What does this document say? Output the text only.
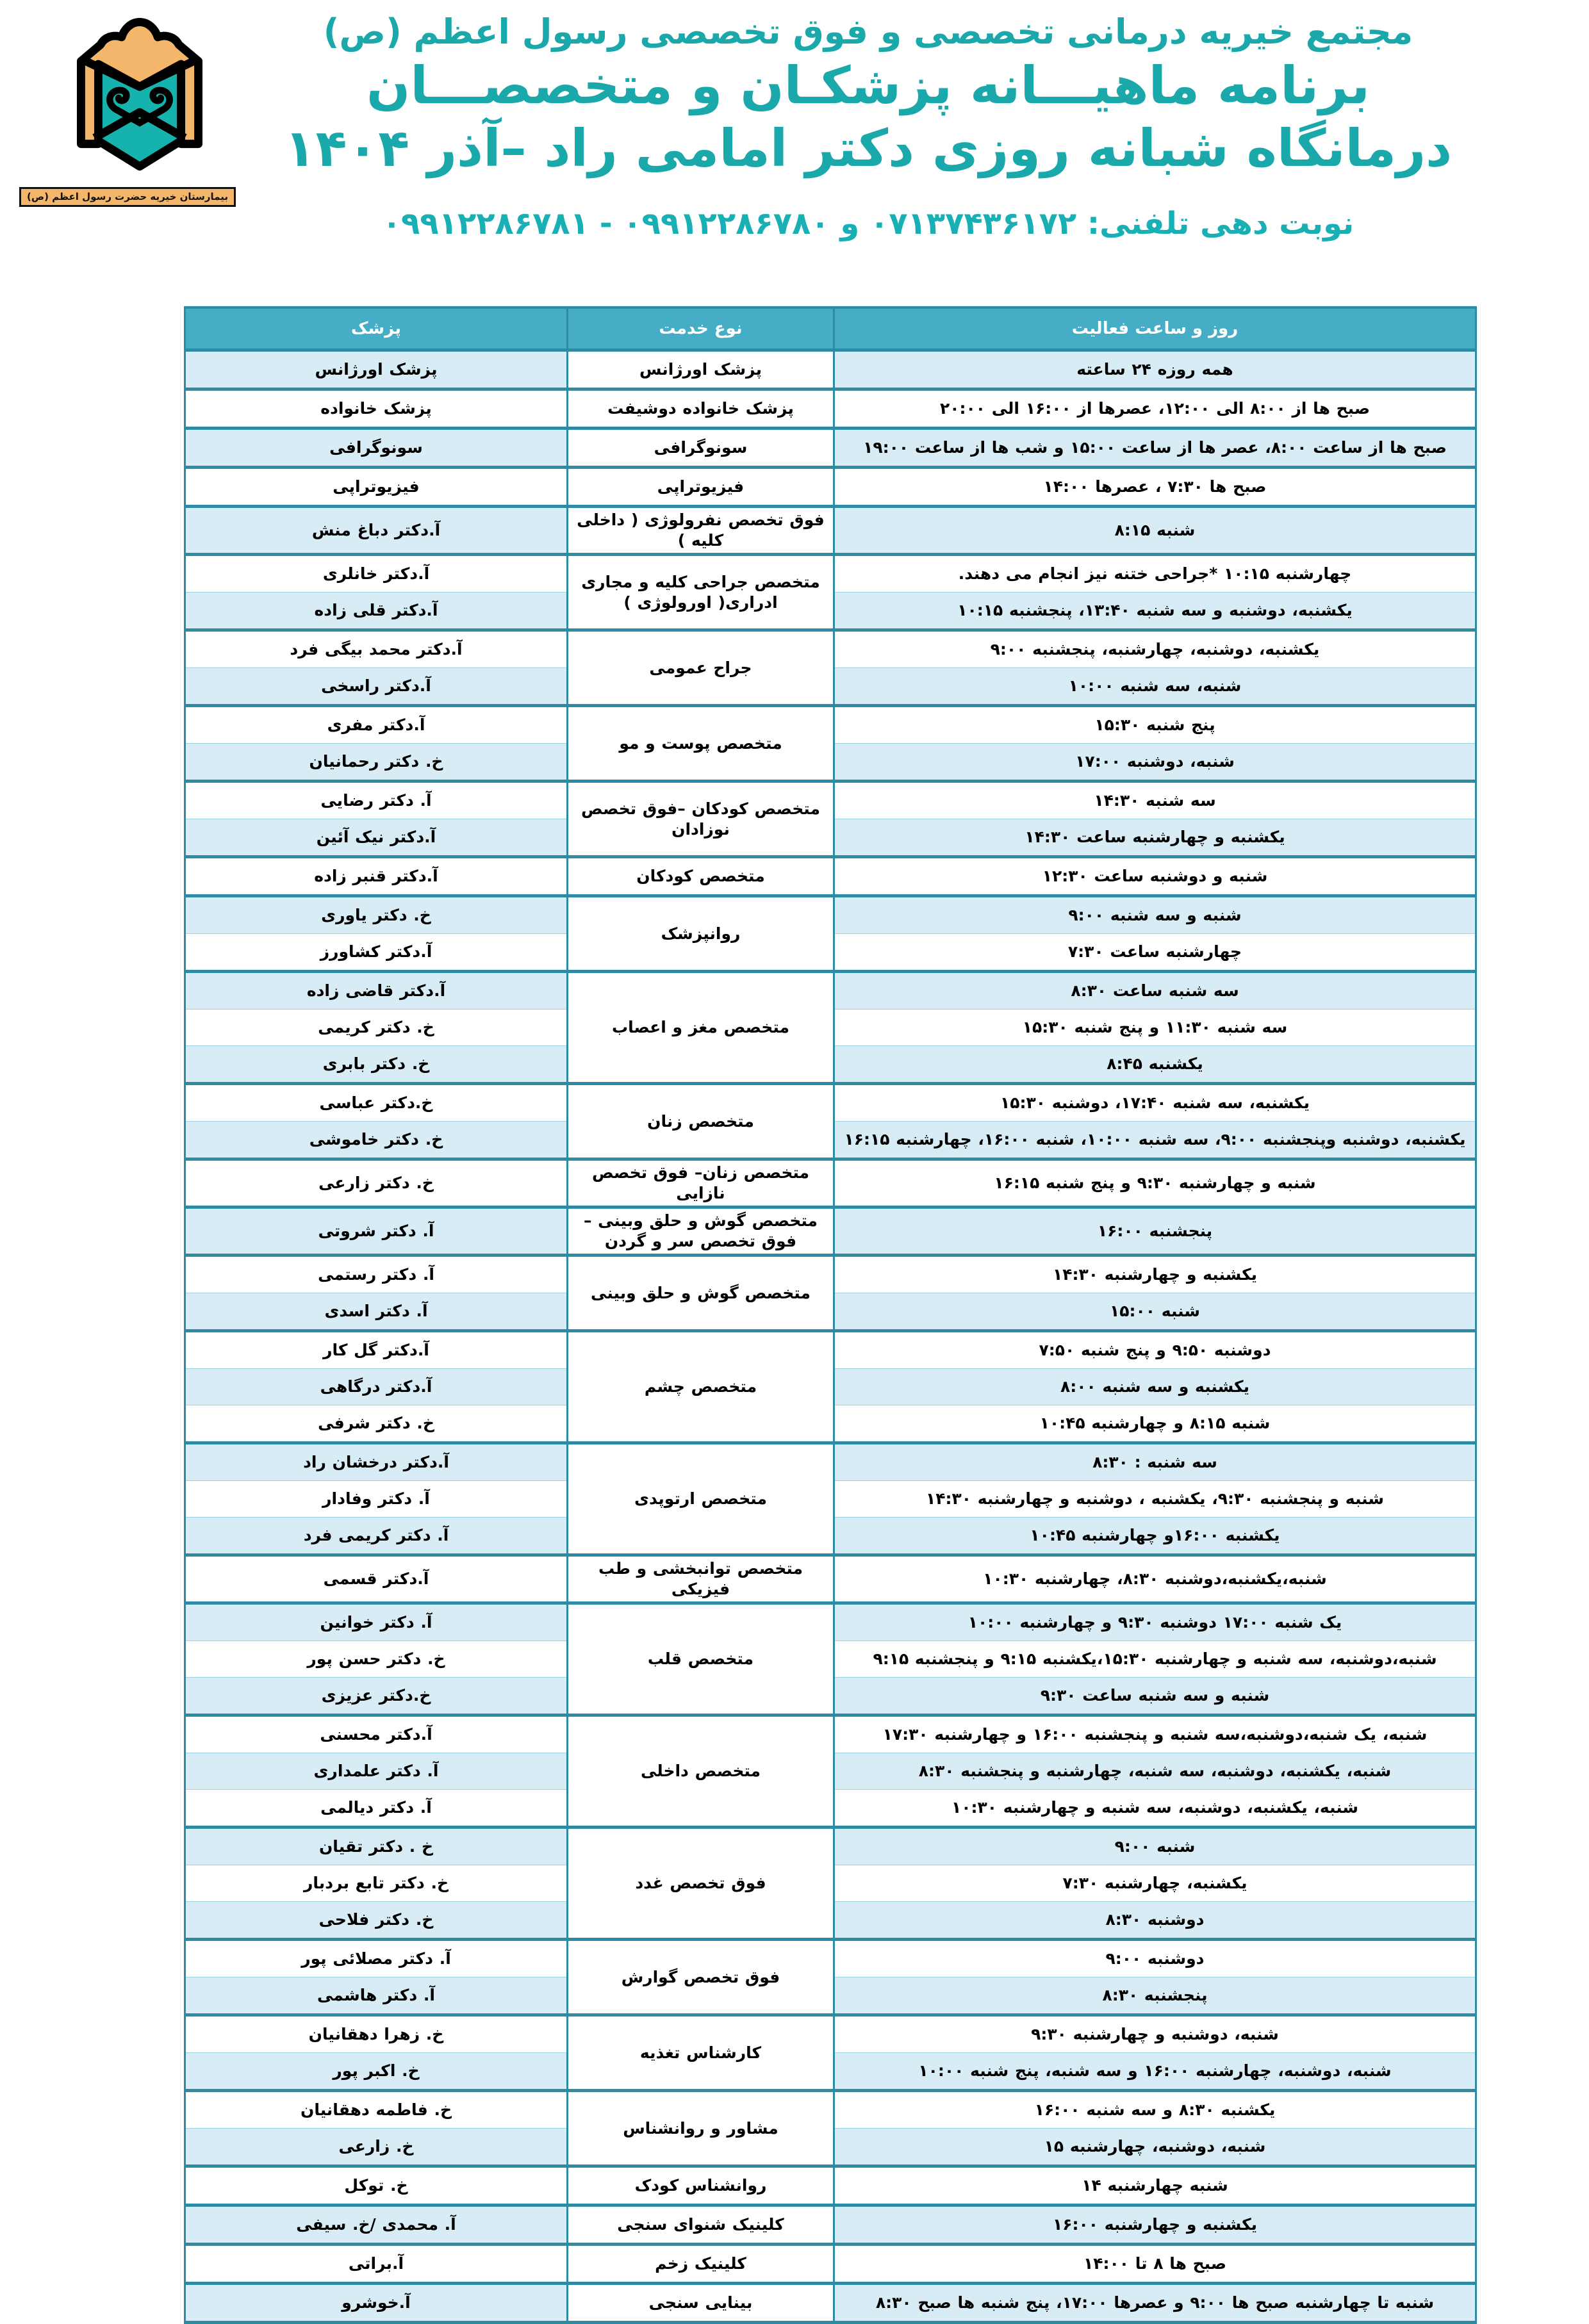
بیمارستان خیریه حضرت رسول اعظم (ص)
مجتمع خیریه درمانی تخصصی و فوق تخصصی رسول اعظم (ص)
برنامه ماهیـــانه پزشکـان و متخصصـــان
درمانگاه شبانه روزی دکتر امامی راد –آذر ۱۴۰۴
نوبت دهی تلفنی: ۰۷۱۳۷۴۳۶۱۷۲ و ۰۹۹۱۲۲۸۶۷۸۰ - ۰۹۹۱۲۲۸۶۷۸۱
روز و ساعت فعالیت	نوع خدمت	پزشک
همه روزه ۲۴ ساعته	پزشک اورژانس	پزشک اورژانس
صبح ها از ۸:۰۰ الی ۱۲:۰۰، عصرها از ۱۶:۰۰ الی ۲۰:۰۰	پزشک خانواده دوشیفت	پزشک خانواده
صبح ها از ساعت ۸:۰۰، عصر ها از ساعت ۱۵:۰۰ و شب ها از ساعت ۱۹:۰۰	سونوگرافی	سونوگرافی
صبح ها ۷:۳۰ ، عصرها ۱۴:۰۰	فیزیوتراپی	فیزیوتراپی
شنبه ۸:۱۵	فوق تخصص نفرولوژی ( داخلی کلیه )	آ.دکتر دباغ منش
چهارشنبه ۱۰:۱۵ *جراحی ختنه نیز انجام می دهند.	متخصص جراحی کلیه و مجاری ادراری( اورولوژی )	آ.دکتر خانلری
یکشنبه، دوشنبه و سه شنبه ۱۳:۴۰، پنجشنبه ۱۰:۱۵		آ.دکتر قلی زاده
یکشنبه، دوشنبه، چهارشنبه، پنجشنبه ۹:۰۰	جراح عمومی	آ.دکتر محمد بیگی فرد
شنبه، سه شنبه ۱۰:۰۰		آ.دکتر راسخی
پنج شنبه ۱۵:۳۰	متخصص پوست و مو	آ.دکتر مفری
شنبه، دوشنبه ۱۷:۰۰		خ. دکتر رحمانیان
سه شنبه ۱۴:۳۰	متخصص کودکان –فوق تخصص نوزادان	آ. دکتر رضایی
یکشنبه و چهارشنبه ساعت ۱۴:۳۰		آ.دکتر نیک آئین
شنبه و دوشنبه ساعت ۱۲:۳۰	متخصص کودکان	آ.دکتر قنبر زاده
شنبه و سه شنبه ۹:۰۰	روانپزشک	خ. دکتر یاوری
چهارشنبه ساعت ۷:۳۰		آ.دکتر کشاورز
سه شنبه ساعت ۸:۳۰	متخصص مغز و اعصاب	آ.دکتر قاضی زاده
سه شنبه ۱۱:۳۰ و پنج شنبه ۱۵:۳۰		خ. دکتر کریمی
یکشنبه ۸:۴۵		خ. دکتر بابری
یکشنبه، سه شنبه ۱۷:۴۰، دوشنبه ۱۵:۳۰	متخصص زنان	خ.دکتر عباسی
یکشنبه، دوشنبه وپنجشنبه ۹:۰۰، سه شنبه ۱۰:۰۰، شنبه ۱۶:۰۰، چهارشنبه ۱۶:۱۵		خ. دکتر خاموشی
شنبه و چهارشنبه ۹:۳۰ و پنج شنبه ۱۶:۱۵	متخصص زنان– فوق تخصص نازایی	خ. دکتر زارعی
پنجشنبه ۱۶:۰۰	متخصص گوش و حلق وبینی – فوق تخصص سر و گردن	آ. دکتر شروتی
یکشنبه و چهارشنبه ۱۴:۳۰	متخصص گوش و حلق وبینی	آ. دکتر رستمی
شنبه ۱۵:۰۰		آ. دکتر اسدی
دوشنبه ۹:۵۰ و پنج شنبه ۷:۵۰	متخصص چشم	آ.دکتر گل کار
یکشنبه و سه شنبه ۸:۰۰		آ.دکتر درگاهی
شنبه ۸:۱۵ و چهارشنبه ۱۰:۴۵		خ. دکتر شرفی
سه شنبه : ۸:۳۰	متخصص ارتوپدی	آ.دکتر درخشان راد
شنبه و پنجشنبه ۹:۳۰، یکشنبه ، دوشنبه و چهارشنبه ۱۴:۳۰		آ. دکتر وفادار
یکشنبه ۱۶:۰۰و چهارشنبه ۱۰:۴۵		آ. دکتر کریمی فرد
شنبه،یکشنبه،دوشنبه ۸:۳۰، چهارشنبه ۱۰:۳۰	متخصص توانبخشی و طب فیزیکی	آ.دکتر قسمی
یک شنبه ۱۷:۰۰ دوشنبه ۹:۳۰ و چهارشنبه ۱۰:۰۰	متخصص قلب	آ. دکتر خوانین
شنبه،دوشنبه، سه شنبه و چهارشنبه ۱۵:۳۰،یکشنبه ۹:۱۵ و پنجشنبه ۹:۱۵		خ. دکتر حسن پور
شنبه و سه شنبه ساعت ۹:۳۰		خ.دکتر عزیزی
شنبه، یک شنبه،دوشنبه،سه شنبه و پنجشنبه ۱۶:۰۰ و چهارشنبه ۱۷:۳۰	متخصص داخلی	آ.دکتر محسنی
شنبه، یکشنبه، دوشنبه، سه شنبه، چهارشنبه و پنجشنبه ۸:۳۰		آ. دکتر علمداری
شنبه، یکشنبه، دوشنبه، سه شنبه و چهارشنبه ۱۰:۳۰		آ. دکتر دیالمی
شنبه ۹:۰۰	فوق تخصص غدد	خ . دکتر تقیان
یکشنبه، چهارشنبه ۷:۳۰		خ. دکتر تابع بردبار
دوشنبه ۸:۳۰		خ. دکتر فلاحی
دوشنبه ۹:۰۰	فوق تخصص گوارش	آ. دکتر مصلائی پور
پنجشنبه ۸:۳۰		آ. دکتر هاشمی
شنبه، دوشنبه و چهارشنبه ۹:۳۰	کارشناس تغذیه	خ. زهرا دهقانیان
شنبه، دوشنبه، چهارشنبه ۱۶:۰۰ و سه شنبه، پنج شنبه ۱۰:۰۰		خ. اکبر پور
یکشنبه ۸:۳۰ و سه شنبه ۱۶:۰۰	مشاور و روانشناس	خ. فاطمه دهقانیان
شنبه، دوشنبه، چهارشنبه ۱۵		خ. زارعی
شنبه چهارشنبه ۱۴	روانشناس کودک	خ. توکل
یکشنبه و چهارشنبه ۱۶:۰۰	کلینیک شنوای سنجی	آ. محمدی /خ. سیفی
صبح ها ۸ تا ۱۴:۰۰	کلینیک زخم	آ.براتی
شنبه تا چهارشنبه صبح ها ۹:۰۰ و عصرها ۱۷:۰۰، پنج شنبه ها صبح ۸:۳۰	بینایی سنجی	آ.خوشرو
